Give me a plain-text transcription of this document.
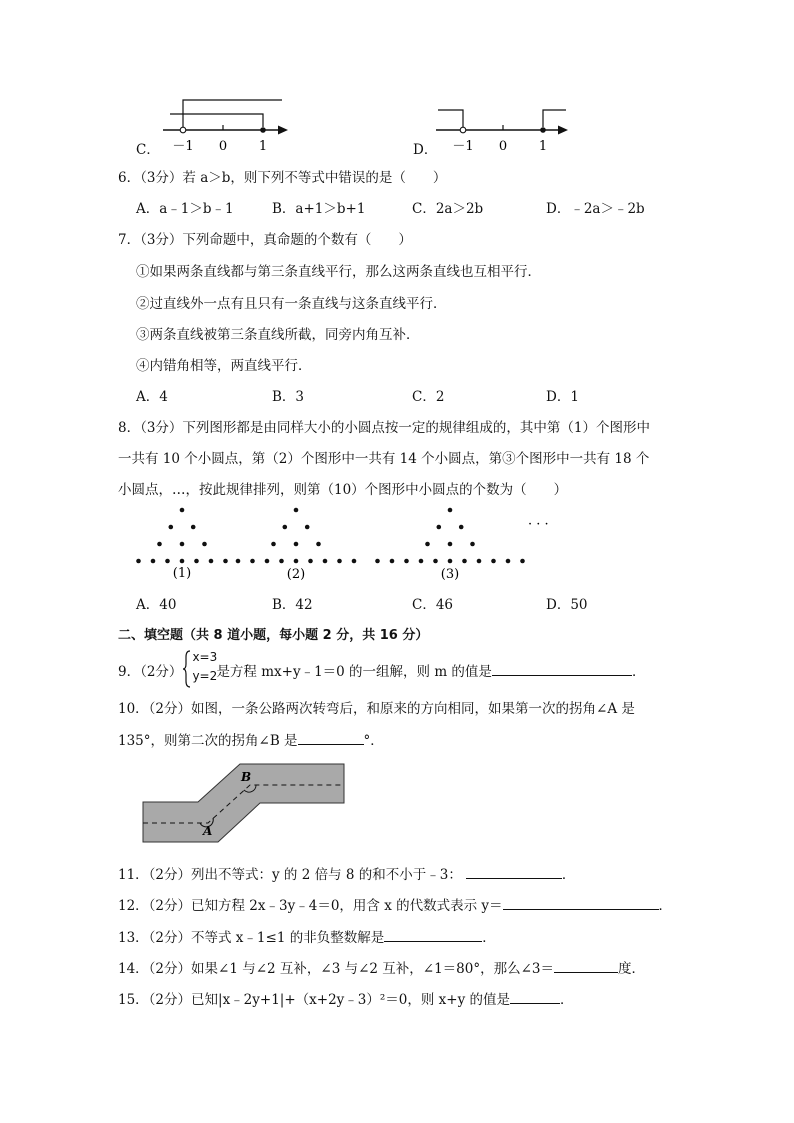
C． －1 0 1	D． －1 0 1
6．（3分）若 a＞b，则下列不等式中错误的是（　　）
A．a﹣1＞b﹣1	B．a+1＞b+1	C．2a＞2b	D．﹣2a＞﹣2b
7．（3分）下列命题中，真命题的个数有（　　）
①如果两条直线都与第三条直线平行，那么这两条直线也互相平行．
②过直线外一点有且只有一条直线与这条直线平行．
③两条直线被第三条直线所截，同旁内角互补．
④内错角相等，两直线平行．
A．4	B．3	C．2	D．1
8．（3分）下列图形都是由同样大小的小圆点按一定的规律组成的，其中第（1）个图形中
一共有 10 个小圆点，第（2）个图形中一共有 14 个小圆点，第③个图形中一共有 18 个
小圆点，…，按此规律排列，则第（10）个图形中小圆点的个数为（　　）
(1)	(2)	(3)
· · ·
A．40	B．42	C．46	D．50
二、填空题（共 8 道小题，每小题 2 分，共 16 分）
9．（2分）
x=3
y=2 是方程 mx+y﹣1＝0 的一组解，则 m 的值是	．
10．（2分）如图，一条公路两次转弯后，和原来的方向相同，如果第一次的拐角∠A 是
135°，则第二次的拐角∠B 是	°．
A
B
11．（2分）列出不等式：y 的 2 倍与 8 的和不小于﹣3：	．
12．（2分）已知方程 2x﹣3y﹣4＝0，用含 x 的代数式表示 y＝	．
13．（2分）不等式 x﹣1≤1 的非负整数解是	．
14．（2分）如果∠1 与∠2 互补，∠3 与∠2 互补，∠1＝80°，那么∠3＝	度．
15．（2分）已知|x﹣2y+1|+（x+2y﹣3）²＝0，则 x+y 的值是	．
